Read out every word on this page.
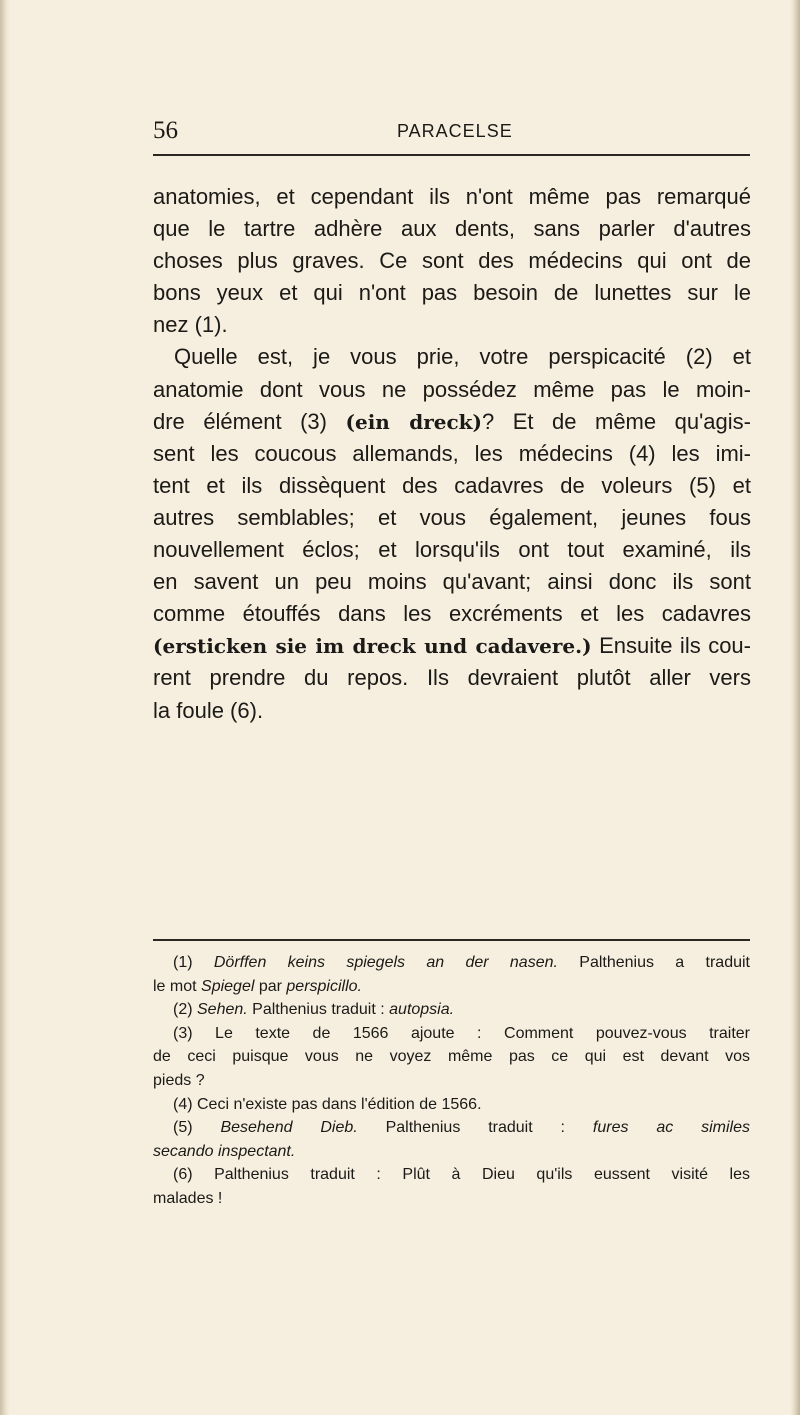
56	PARACELSE
anatomies, et cependant ils n'ont même pas remarqué
que le tartre adhère aux dents, sans parler d'autres
choses plus graves. Ce sont des médecins qui ont de
bons yeux et qui n'ont pas besoin de lunettes sur le
nez (1).
Quelle est, je vous prie, votre perspicacité (2) et
anatomie dont vous ne possédez même pas le moin-
dre élément (3) (ein dreck)? Et de même qu'agis-
sent les coucous allemands, les médecins (4) les imi-
tent et ils dissèquent des cadavres de voleurs (5) et
autres semblables; et vous également, jeunes fous
nouvellement éclos; et lorsqu'ils ont tout examiné, ils
en savent un peu moins qu'avant; ainsi donc ils sont
comme étouffés dans les excréments et les cadavres
(ersticken sie im dreck und cadavere.) Ensuite ils cou-
rent prendre du repos. Ils devraient plutôt aller vers
la foule (6).
(1) Dörffen keins spiegels an der nasen. Palthenius a traduit
le mot Spiegel par perspicillo.
(2) Sehen. Palthenius traduit : autopsia.
(3) Le texte de 1566 ajoute : Comment pouvez-vous traiter
de ceci puisque vous ne voyez même pas ce qui est devant vos
pieds ?
(4) Ceci n'existe pas dans l'édition de 1566.
(5) Besehend Dieb. Palthenius traduit : fures ac similes
secando inspectant.
(6) Palthenius traduit : Plût à Dieu qu'ils eussent visité les
malades !
